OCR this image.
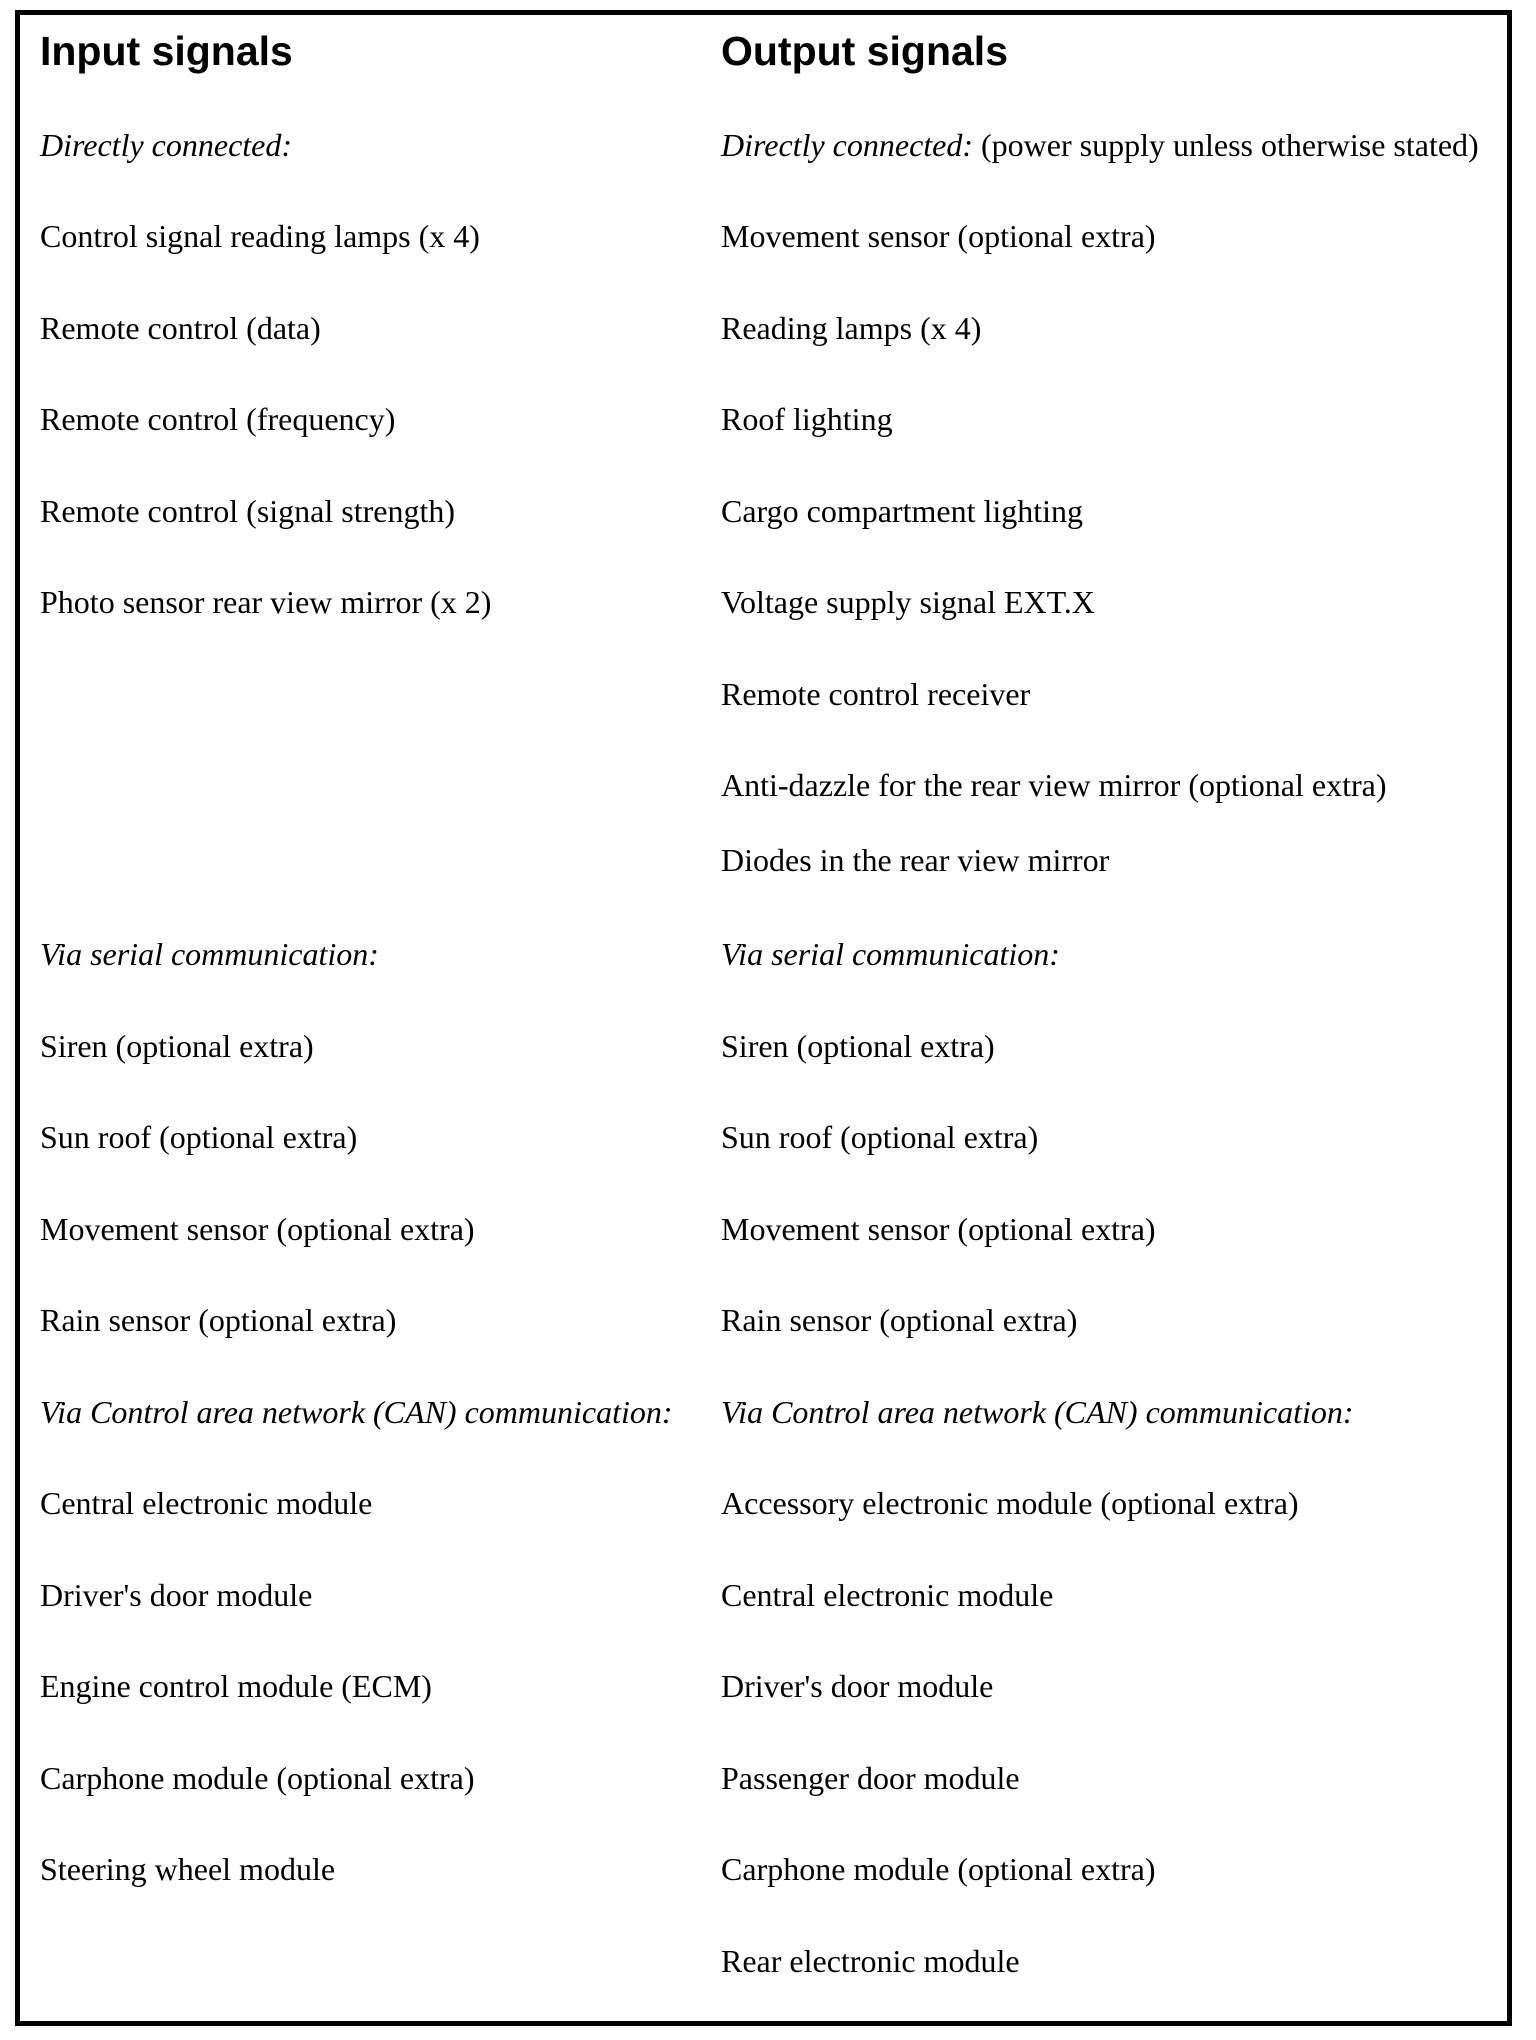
Input signals
Directly connected:
Control signal reading lamps (x 4)
Remote control (data)
Remote control (frequency)
Remote control (signal strength)
Photo sensor rear view mirror (x 2)
Via serial communication:
Siren (optional extra)
Sun roof (optional extra)
Movement sensor (optional extra)
Rain sensor (optional extra)
Via Control area network (CAN) communication:
Central electronic module
Driver's door module
Engine control module (ECM)
Carphone module (optional extra)
Steering wheel module
Output signals
Directly connected: (power supply unless otherwise stated)
Movement sensor (optional extra)
Reading lamps (x 4)
Roof lighting
Cargo compartment lighting
Voltage supply signal EXT.X
Remote control receiver
Anti-dazzle for the rear view mirror (optional extra)
Diodes in the rear view mirror
Via serial communication:
Siren (optional extra)
Sun roof (optional extra)
Movement sensor (optional extra)
Rain sensor (optional extra)
Via Control area network (CAN) communication:
Accessory electronic module (optional extra)
Central electronic module
Driver's door module
Passenger door module
Carphone module (optional extra)
Rear electronic module
